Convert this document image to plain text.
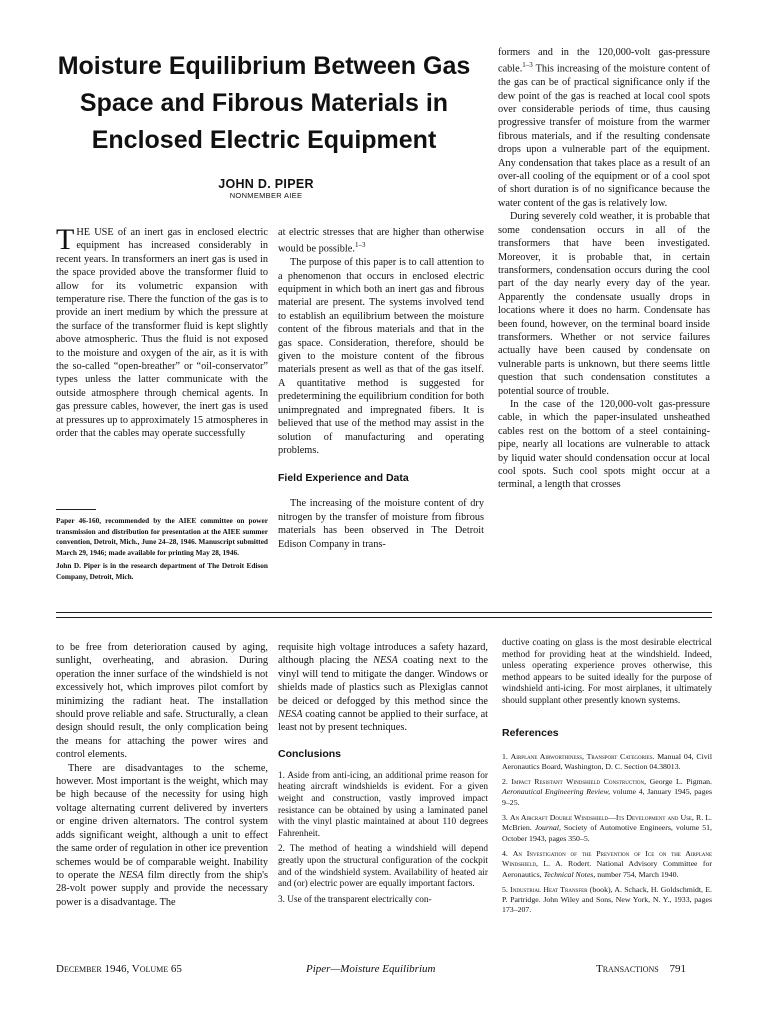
Moisture Equilibrium Between Gas
Space and Fibrous Materials in
Enclosed Electric Equipment
JOHN D. PIPER
NONMEMBER AIEE

THE USE of an inert gas in enclosed electric equipment has increased considerably in recent years. In transformers an inert gas is used in the space provided above the transformer fluid to allow for its volumetric expansion with temperature rise. There the function of the gas is to provide an inert medium by which the pressure at the surface of the transformer fluid is kept slightly above atmospheric. Thus the fluid is not exposed to the moisture and oxygen of the air, as it is with the so-called “open-breather” or “oil-conservator” types unless the latter communicate with the outside atmosphere through chemical agents. In gas pressure cables, however, the inert gas is used at pressures up to approximately 15 atmospheres in order that the cables may operate successfully

Paper 46-160, recommended by the AIEE committee on power transmission and distribution for presentation at the AIEE summer convention, Detroit, Mich., June 24–28, 1946. Manuscript submitted March 29, 1946; made available for printing May 28, 1946.

John D. Piper is in the research department of The Detroit Edison Company, Detroit, Mich.

at electric stresses that are higher than otherwise would be possible.$^{1-3}$

The purpose of this paper is to call attention to a phenomenon that occurs in enclosed electric equipment in which both an inert gas and fibrous material are present. The systems involved tend to establish an equilibrium between the moisture content of the fibrous materials and that in the gas space. Consideration, therefore, should be given to the moisture content of the fibrous materials present as well as that of the gas itself. A quantitative method is suggested for predetermining the equilibrium condition for both unimpregnated and impregnated fibers. It is believed that use of the method may assist in the solution of manufacturing and operating problems.

Field Experience and Data

The increasing of the moisture content of dry nitrogen by the transfer of moisture from fibrous materials has been observed in The Detroit Edison Company in trans-

formers and in the 120,000-volt gas-pressure cable.$^{1-3}$ This increasing of the moisture content of the gas can be of practical significance only if the dew point of the gas is reached at local cool spots over considerable periods of time, thus causing progressive transfer of moisture from the warmer fibrous materials, and if the resulting condensate drops upon a vulnerable part of the equipment. Any condensation that takes place as a result of an over-all cooling of the equipment or of a cool spot of short duration is of no significance because the water content of the gas is relatively low.

During severely cold weather, it is probable that some condensation occurs in all of the transformers that have been investigated. Moreover, it is probable that, in certain transformers, condensation occurs during the cool part of the day nearly every day of the year. Apparently the condensate usually drops in locations where it does no harm. Condensate has been found, however, on the terminal board inside transformers. Whether or not service failures actually have been caused by condensate on vulnerable parts is unknown, but there seems little question that such condensation constitutes a potential source of trouble.

In the case of the 120,000-volt gas-pressure cable, in which the paper-insulated unsheathed cables rest on the bottom of a steel containing-pipe, nearly all locations are vulnerable to attack by liquid water should condensation occur at local cool spots. Such cool spots might occur at a terminal, a length that crosses

to be free from deterioration caused by aging, sunlight, overheating, and abrasion. During operation the inner surface of the windshield is not excessively hot, which improves pilot comfort by minimizing the radiant heat. The installation should prove reliable and safe. Structurally, a clean design should result, the only complication being the means for attaching the power wires and control elements.

There are disadvantages to the scheme, however. Most important is the weight, which may be high because of the necessity for using high voltage alternating current delivered by inverters or engine driven alternators. The control system adds significant weight, although a unit to effect the same order of regulation in other ice prevention schemes would be of comparable weight. Inability to operate the NESA film directly from the ship's 28-volt power supply and provide the necessary power is a disadvantage. The

requisite high voltage introduces a safety hazard, although placing the NESA coating next to the vinyl will tend to mitigate the danger. Windows or shields made of plastics such as Plexiglas cannot be deiced or defogged by this method since the NESA coating cannot be applied to their surface, at least not by present techniques.

Conclusions

1. Aside from anti-icing, an additional prime reason for heating aircraft windshields is evident. For a given weight and construction, vastly improved impact resistance can be obtained by using a laminated panel with the vinyl plastic maintained at about 110 degrees Fahrenheit.

2. The method of heating a windshield will depend greatly upon the structural configuration of the cockpit and of the windshield system. Availability of heated air and (or) electric power are equally important factors.

3. Use of the transparent electrically con-

ductive coating on glass is the most desirable electrical method for providing heat at the windshield. Indeed, unless operating experience proves otherwise, this method appears to be suited ideally for the purpose of windshield anti-icing. For most airplanes, it ultimately should supplant other presently known systems.

References
1. Airplane Airworthiness, Transport Categories. Manual 04, Civil Aeronautics Board, Washington, D. C. Section 04.38013.
2. Impact Resistant Windshield Construction, George L. Pigman. Aeronautical Engineering Review, volume 4, January 1945, pages 9–25.
3. An Aircraft Double Windshield—Its Development and Use, R. L. McBrien. Journal, Society of Automotive Engineers, volume 51, October 1943, pages 350–5.
4. An Investigation of the Prevention of Ice on the Airplane Windshield, L. A. Rodert. National Advisory Committee for Aeronautics, Technical Notes, number 754, March 1940.
5. Industrial Heat Transfer (book), A. Schack, H. Goldschmidt, E. P. Partridge. John Wiley and Sons, New York, N. Y., 1933, pages 173–207.
December 1946, Volume 65	Piper—Moisture Equilibrium	Transactions 791
